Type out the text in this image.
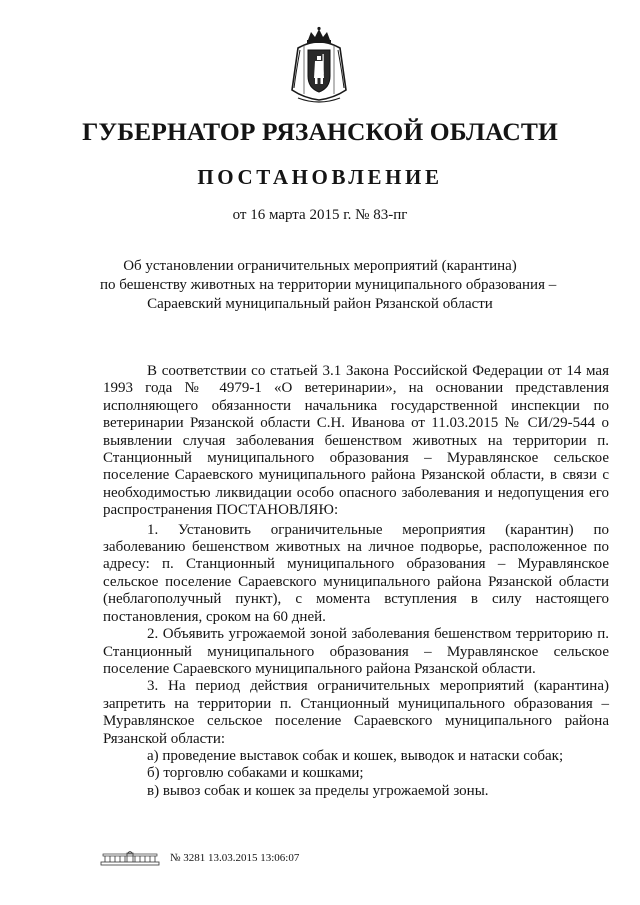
ГУБЕРНАТОР РЯЗАНСКОЙ ОБЛАСТИ
ПОСТАНОВЛЕНИЕ
от 16 марта 2015 г. № 83-пг
Об установлении ограничительных мероприятий (карантина)
по бешенству животных на территории муниципального образования –
Сараевский муниципальный район Рязанской области

В соответствии со статьей 3.1 Закона Российской Федерации от 14 мая 1993 года № 4979-1 «О ветеринарии», на основании представления исполняющего обязанности начальника государственной инспекции по ветеринарии Рязанской области С.Н. Иванова от 11.03.2015 № СИ/29-544 о выявлении случая заболевания бешенством животных на территории п. Станционный муниципального образования – Муравлянское сельское поселение Сараевского муниципального района Рязанской области, в связи с необходимостью ликвидации особо опасного заболевания и недопущения его распространения ПОСТАНОВЛЯЮ:

1. Установить ограничительные мероприятия (карантин) по заболеванию бешенством животных на личное подворье, расположенное по адресу: п. Станционный муниципального образования – Муравлянское сельское поселение Сараевского муниципального района Рязанской области (неблагополучный пункт), с момента вступления в силу настоящего постановления, сроком на 60 дней.

2. Объявить угрожаемой зоной заболевания бешенством территорию п. Станционный муниципального образования – Муравлянское сельское поселение Сараевского муниципального района Рязанской области.

3. На период действия ограничительных мероприятий (карантина) запретить на территории п. Станционный муниципального образования – Муравлянское сельское поселение Сараевского муниципального района Рязанской области:

а) проведение выставок собак и кошек, выводок и натаски собак;

б) торговлю собаками и кошками;

в) вывоз собак и кошек за пределы угрожаемой зоны.

№ 3281 13.03.2015 13:06:07
